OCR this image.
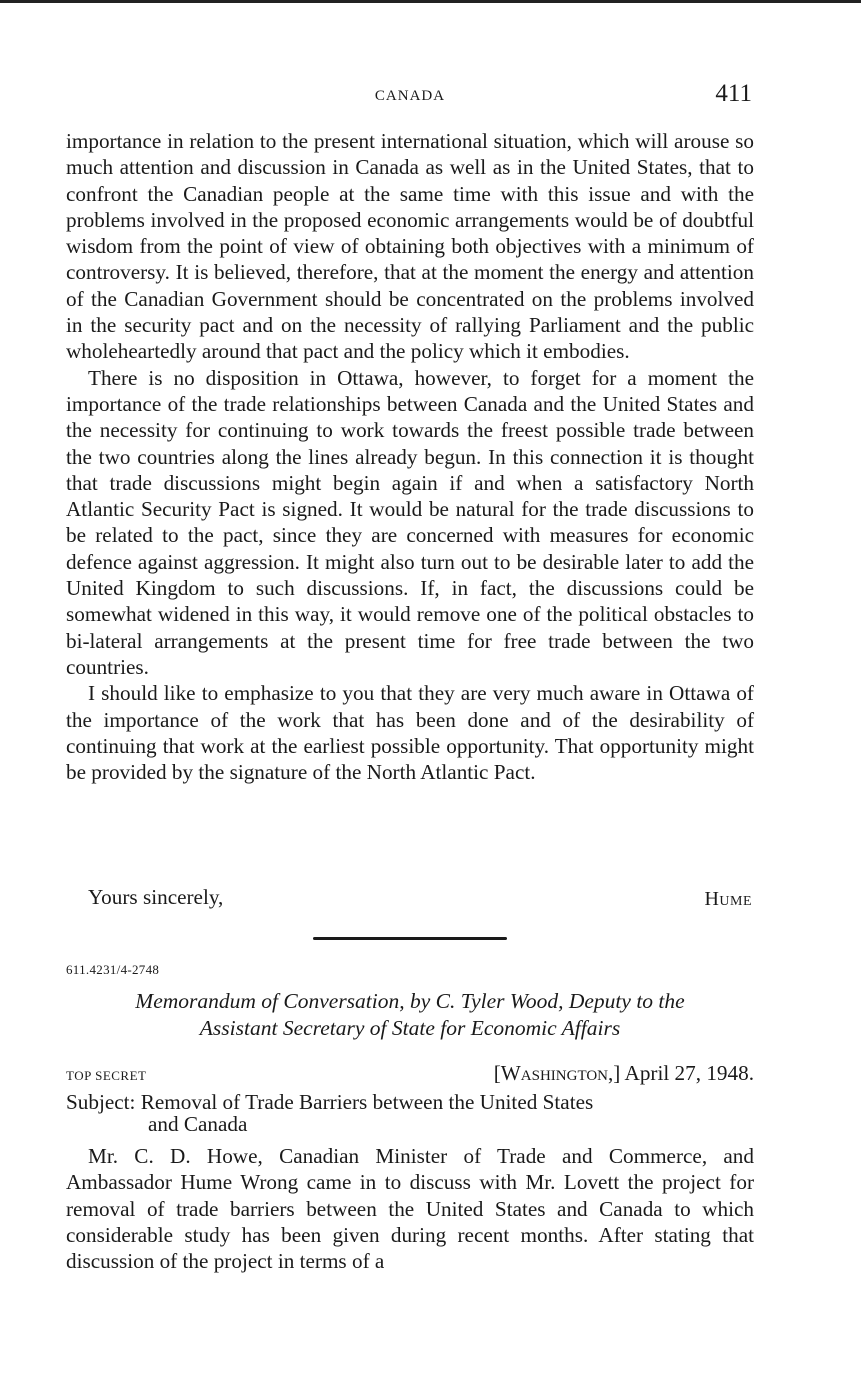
CANADA	411

importance in relation to the present international situation, which will arouse so much attention and discussion in Canada as well as in the United States, that to confront the Canadian people at the same time with this issue and with the problems involved in the proposed economic arrangements would be of doubtful wisdom from the point of view of obtaining both objectives with a minimum of controversy. It is believed, therefore, that at the moment the energy and attention of the Canadian Government should be concentrated on the problems involved in the security pact and on the necessity of rallying Parliament and the public wholeheartedly around that pact and the policy which it embodies.

There is no disposition in Ottawa, however, to forget for a moment the importance of the trade relationships between Canada and the United States and the necessity for continuing to work towards the freest possible trade between the two countries along the lines already begun. In this connection it is thought that trade discussions might begin again if and when a satisfactory North Atlantic Security Pact is signed. It would be natural for the trade discussions to be related to the pact, since they are concerned with measures for economic defence against aggression. It might also turn out to be desirable later to add the United Kingdom to such discussions. If, in fact, the discussions could be somewhat widened in this way, it would remove one of the political obstacles to bi-lateral arrangements at the present time for free trade between the two countries.

I should like to emphasize to you that they are very much aware in Ottawa of the importance of the work that has been done and of the desirability of continuing that work at the earliest possible opportunity. That opportunity might be provided by the signature of the North Atlantic Pact.

Yours sincerely,	Hume
611.4231/4-2748
Memorandum of Conversation, by C. Tyler Wood, Deputy to the
Assistant Secretary of State for Economic Affairs
TOP SECRET	[Washington,] April 27, 1948.
Subject: Removal of Trade Barriers between the United States
and Canada

Mr. C. D. Howe, Canadian Minister of Trade and Commerce, and Ambassador Hume Wrong came in to discuss with Mr. Lovett the project for removal of trade barriers between the United States and Canada to which considerable study has been given during recent months. After stating that discussion of the project in terms of a
